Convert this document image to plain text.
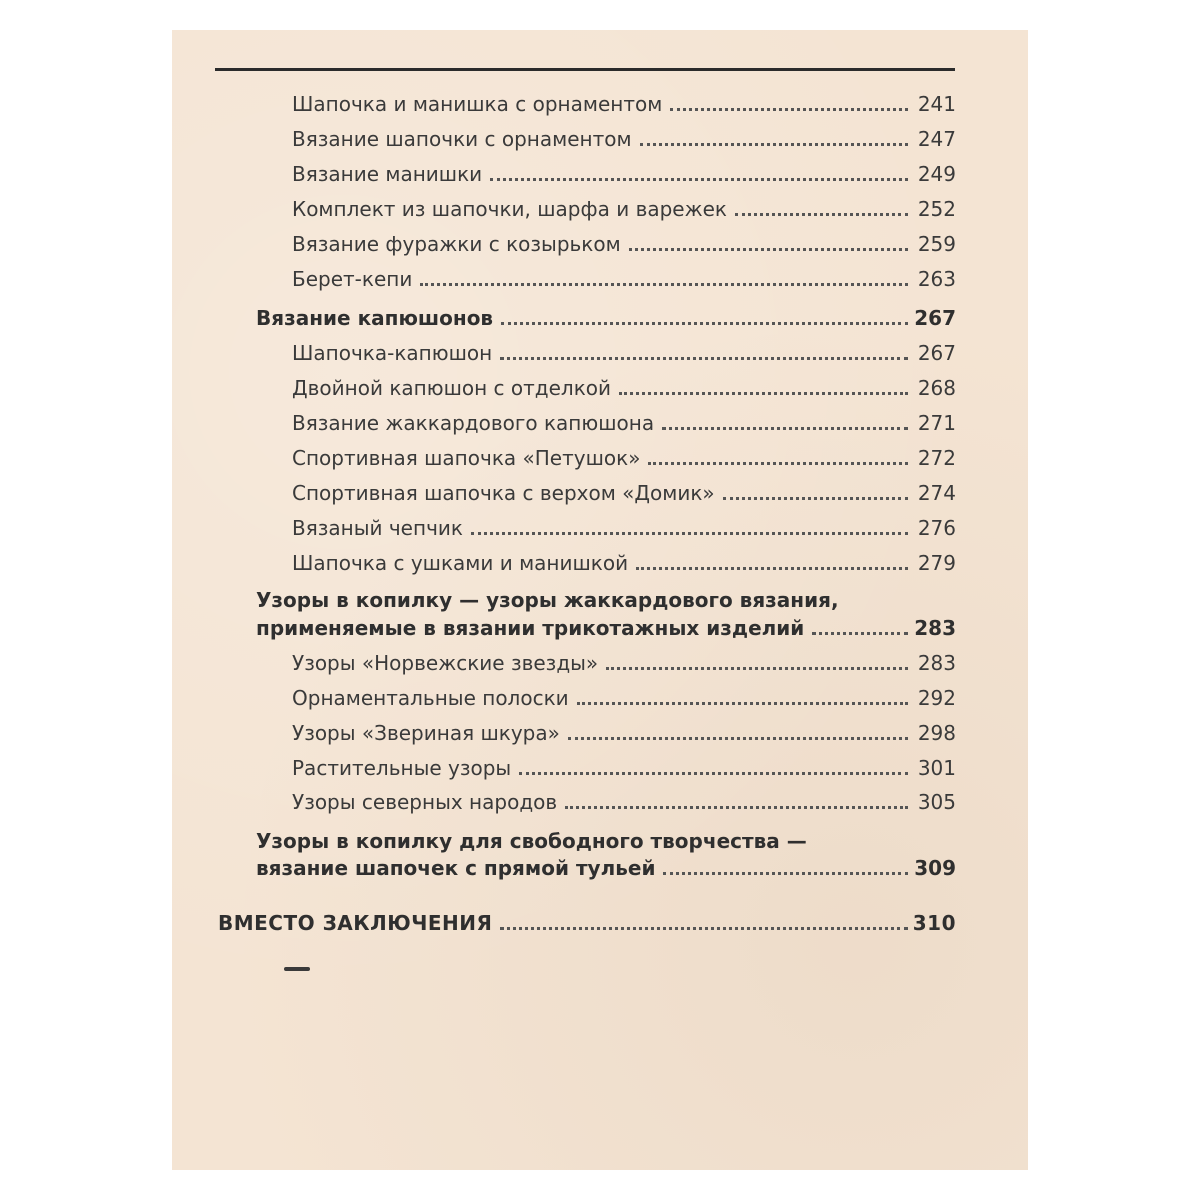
Шапочка и манишка с орнаментом	241
Вязание шапочки с орнаментом	247
Вязание манишки	249
Комплект из шапочки, шарфа и варежек	252
Вязание фуражки с козырьком	259
Берет-кепи	263
Вязание капюшонов	267
Шапочка-капюшон	267
Двойной капюшон с отделкой	268
Вязание жаккардового капюшона	271
Спортивная шапочка «Петушок»	272
Спортивная шапочка с верхом «Домик»	274
Вязаный чепчик	276
Шапочка с ушками и манишкой	279
Узоры в копилку — узоры жаккардового вязания,
применяемые в вязании трикотажных изделий	283
Узоры «Норвежские звезды»	283
Орнаментальные полоски	292
Узоры «Звериная шкура»	298
Растительные узоры	301
Узоры северных народов	305
Узоры в копилку для свободного творчества —
вязание шапочек с прямой тульей	309
ВМЕСТО ЗАКЛЮЧЕНИЯ	310
